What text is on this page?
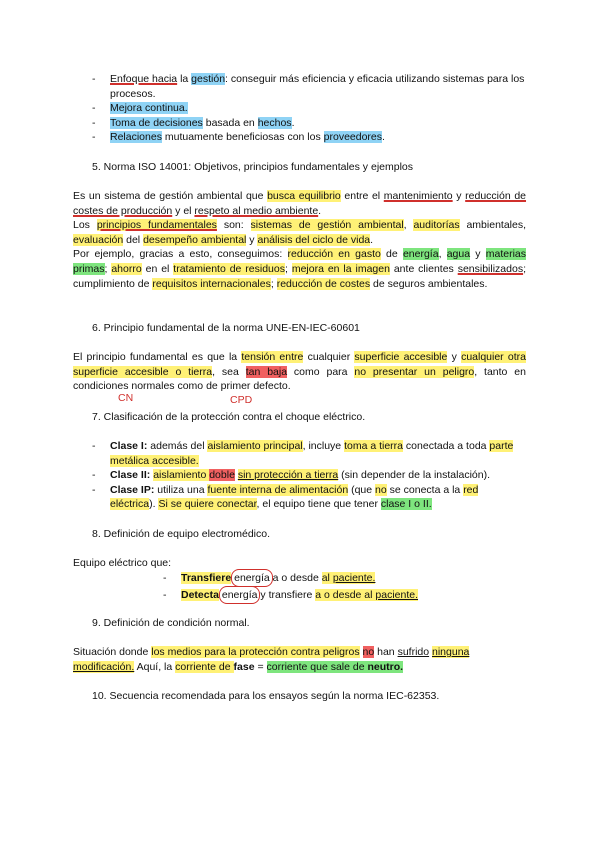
- Enfoque hacia la gestión: conseguir más eficiencia y eficacia utilizando sistemas para los procesos.
- Mejora continua.
- Toma de decisiones basada en hechos.
- Relaciones mutuamente beneficiosas con los proveedores.
5. Norma ISO 14001: Objetivos, principios fundamentales y ejemplos
Es un sistema de gestión ambiental que busca equilibrio entre el mantenimiento y reducción de costes de producción y el respeto al medio ambiente.
Los principios fundamentales son: sistemas de gestión ambiental, auditorías ambientales, evaluación del desempeño ambiental y análisis del ciclo de vida.
Por ejemplo, gracias a esto, conseguimos: reducción en gasto de energía, agua y materias primas; ahorro en el tratamiento de residuos; mejora en la imagen ante clientes sensibilizados; cumplimiento de requisitos internacionales; reducción de costes de seguros ambientales.
6. Principio fundamental de la norma UNE-EN-IEC-60601
El principio fundamental es que la tensión entre cualquier superficie accesible y cualquier otra superficie accesible o tierra, sea tan baja como para no presentar un peligro, tanto en condiciones normales como de primer defecto.
CN	CPD
7. Clasificación de la protección contra el choque eléctrico.
- Clase I: además del aislamiento principal, incluye toma a tierra conectada a toda parte metálica accesible.
- Clase II: aislamiento doble sin protección a tierra (sin depender de la instalación).
- Clase IP: utiliza una fuente interna de alimentación (que no se conecta a la red eléctrica). Si se quiere conectar, el equipo tiene que tener clase I o II.
8. Definición de equipo electromédico.
Equipo eléctrico que:
- Transfiere energía a o desde al paciente.
- Detecta energía y transfiere a o desde al paciente.
9. Definición de condición normal.
Situación donde los medios para la protección contra peligros no han sufrido ninguna
modificación. Aquí, la corriente de fase = corriente que sale de neutro.
10. Secuencia recomendada para los ensayos según la norma IEC-62353.
